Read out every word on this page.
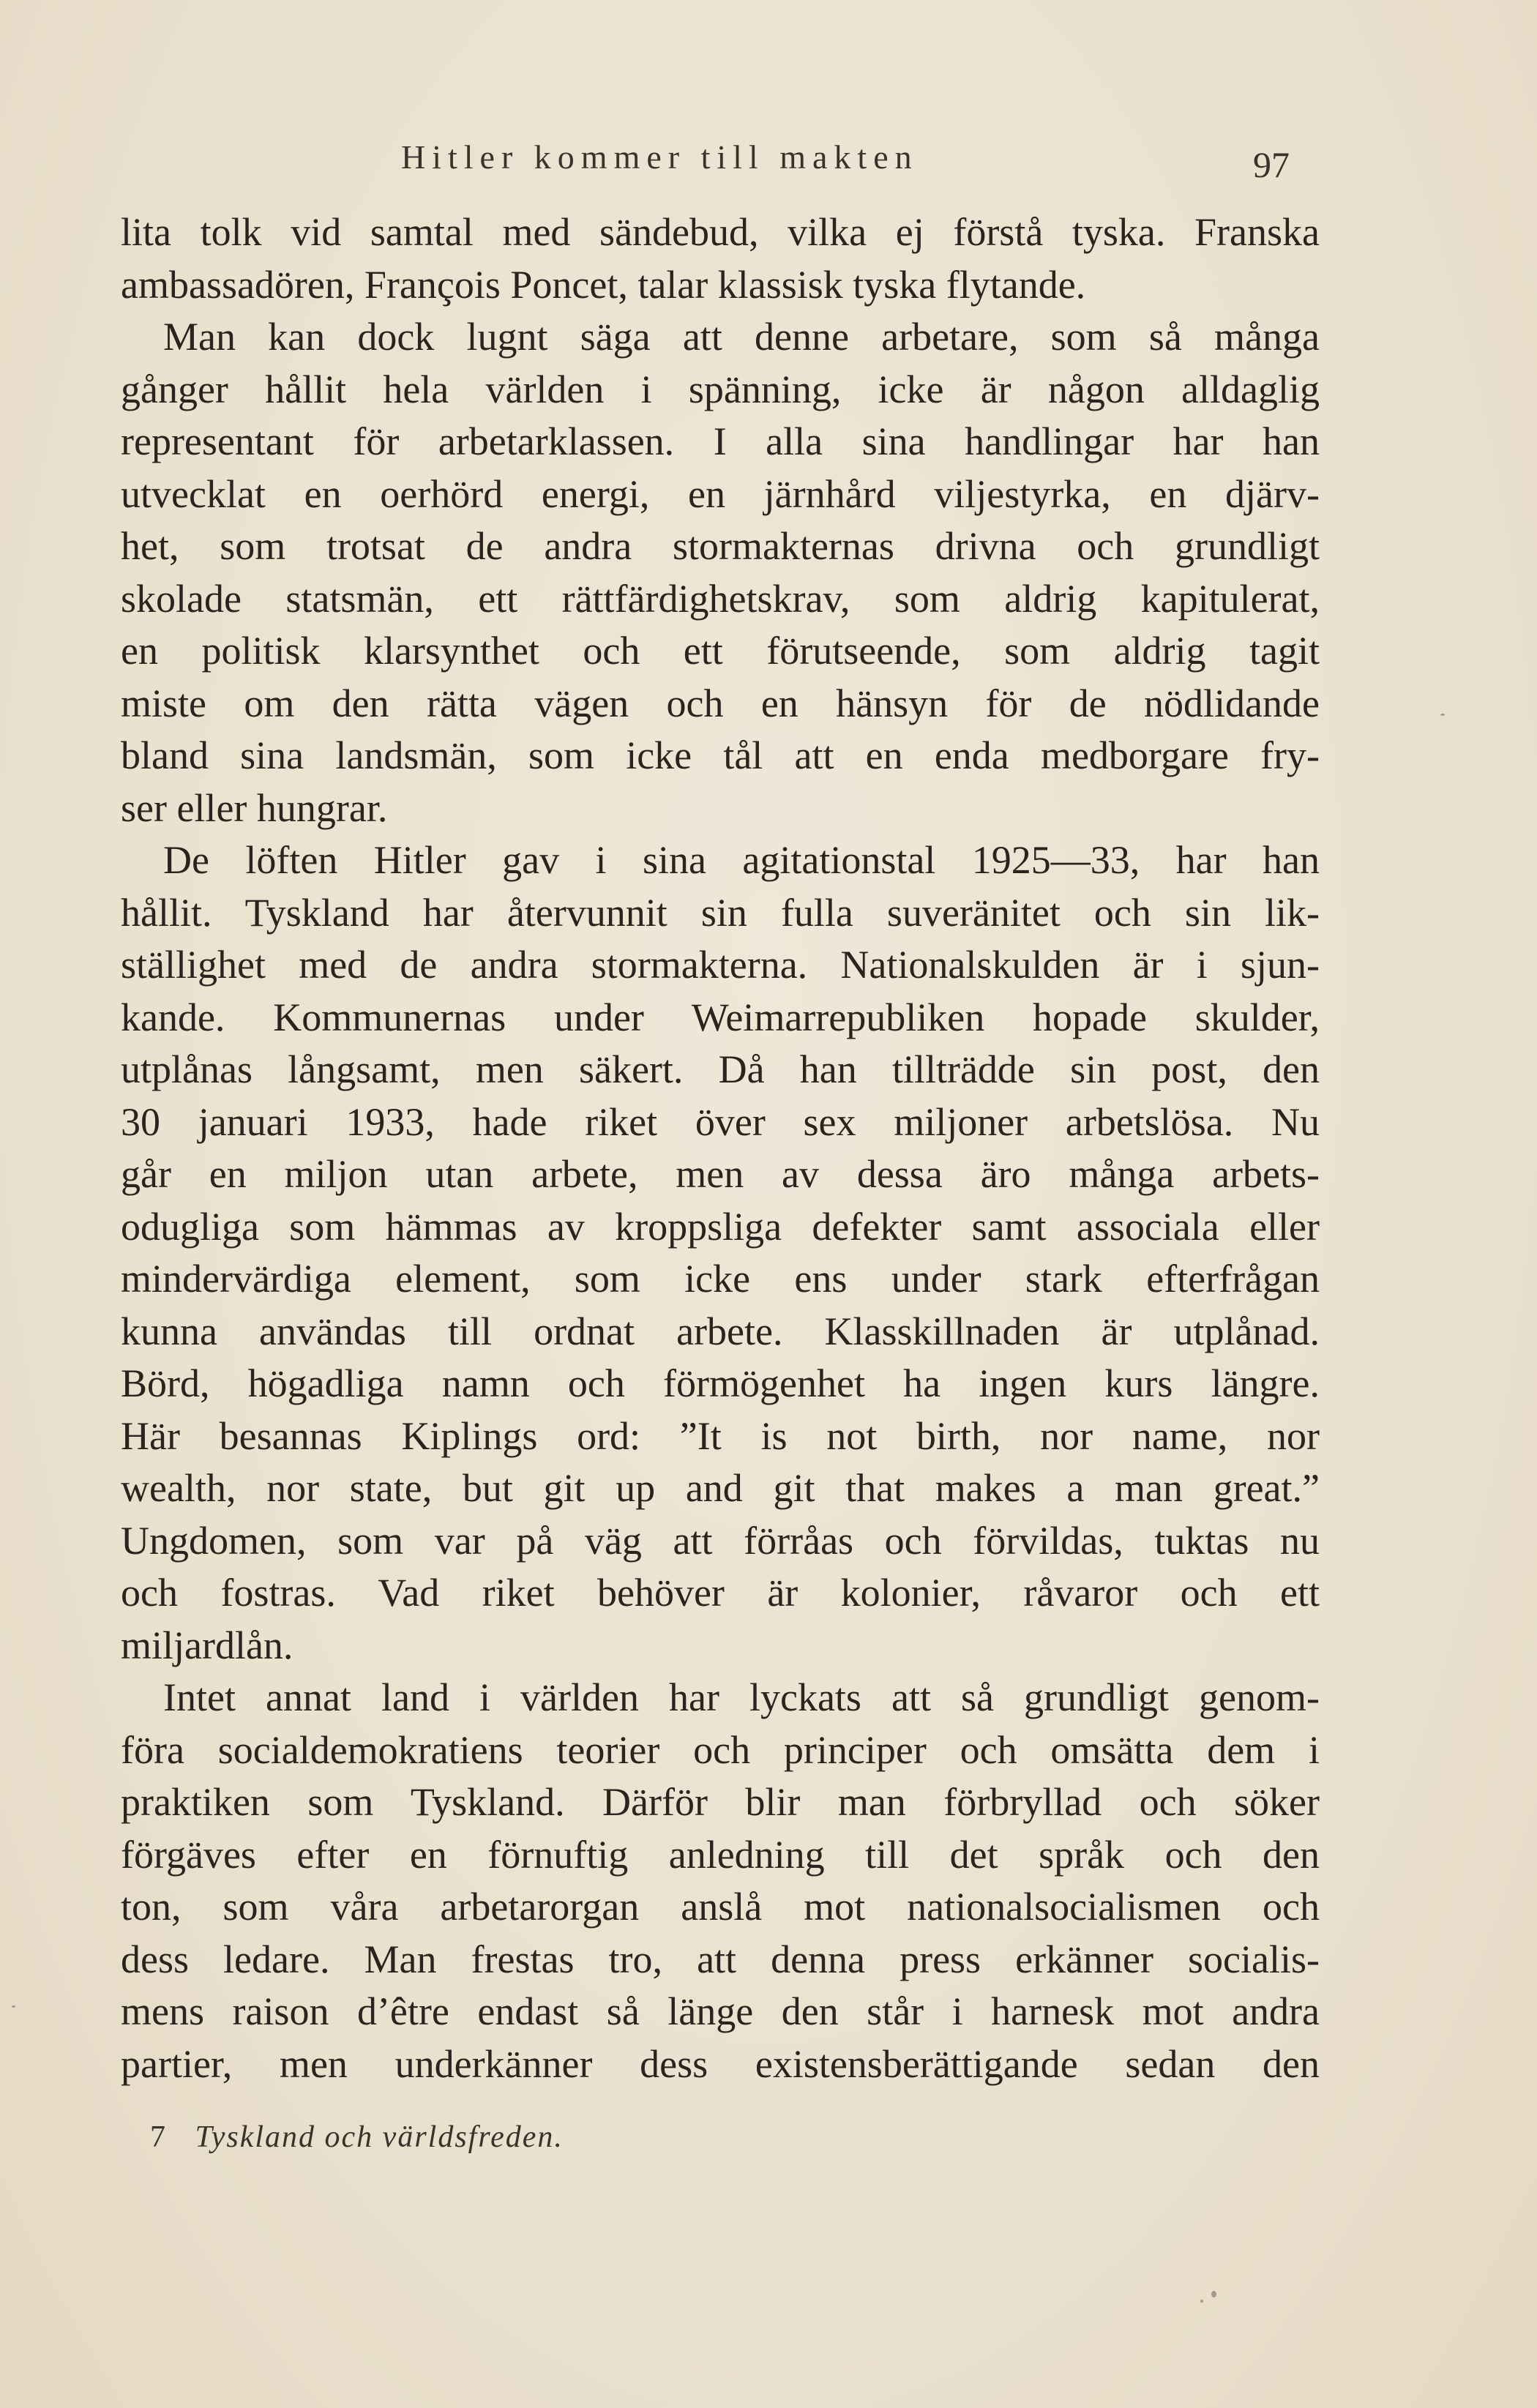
Hitler kommer till makten	97
lita tolk vid samtal med sändebud, vilka ej förstå tyska. Franska
ambassadören, François Poncet, talar klassisk tyska flytande.
Man kan dock lugnt säga att denne arbetare, som så många
gånger hållit hela världen i spänning, icke är någon alldaglig
representant för arbetarklassen. I alla sina handlingar har han
utvecklat en oerhörd energi, en järnhård viljestyrka, en djärv-
het, som trotsat de andra stormakternas drivna och grundligt
skolade statsmän, ett rättfärdighetskrav, som aldrig kapitulerat,
en politisk klarsynthet och ett förutseende, som aldrig tagit
miste om den rätta vägen och en hänsyn för de nödlidande
bland sina landsmän, som icke tål att en enda medborgare fry-
ser eller hungrar.
De löften Hitler gav i sina agitationstal 1925—33, har han
hållit. Tyskland har återvunnit sin fulla suveränitet och sin lik-
ställighet med de andra stormakterna. Nationalskulden är i sjun-
kande. Kommunernas under Weimarrepubliken hopade skulder,
utplånas långsamt, men säkert. Då han tillträdde sin post, den
30 januari 1933, hade riket över sex miljoner arbetslösa. Nu
går en miljon utan arbete, men av dessa äro många arbets-
odugliga som hämmas av kroppsliga defekter samt associala eller
mindervärdiga element, som icke ens under stark efterfrågan
kunna användas till ordnat arbete. Klasskillnaden är utplånad.
Börd, högadliga namn och förmögenhet ha ingen kurs längre.
Här besannas Kiplings ord: ”It is not birth, nor name, nor
wealth, nor state, but git up and git that makes a man great.”
Ungdomen, som var på väg att förråas och förvildas, tuktas nu
och fostras. Vad riket behöver är kolonier, råvaror och ett
miljardlån.
Intet annat land i världen har lyckats att så grundligt genom-
föra socialdemokratiens teorier och principer och omsätta dem i
praktiken som Tyskland. Därför blir man förbryllad och söker
förgäves efter en förnuftig anledning till det språk och den
ton, som våra arbetarorgan anslå mot nationalsocialismen och
dess ledare. Man frestas tro, att denna press erkänner socialis-
mens raison d’être endast så länge den står i harnesk mot andra
partier, men underkänner dess existensberättigande sedan den
7 Tyskland och världsfreden.
